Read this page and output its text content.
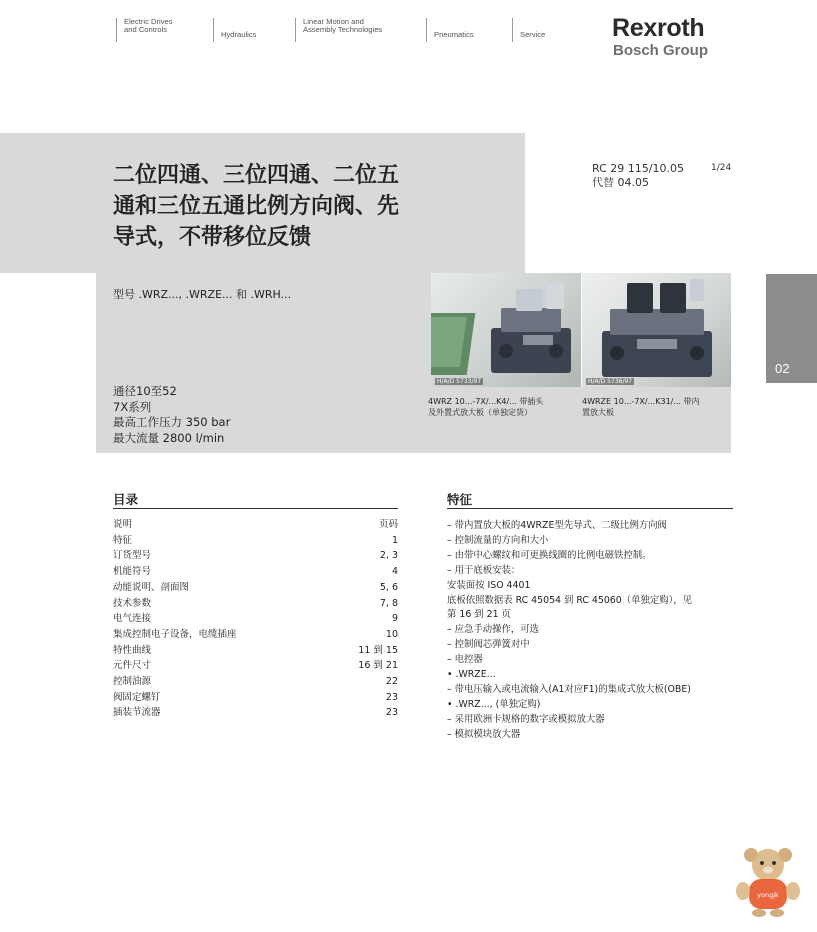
Electric Drives
and Controls
Hydraulics
Linear Motion and
Assembly Technologies
Pneumatics	Service	Rexroth
Bosch Group
二位四通、三位四通、二位五
通和三位五通比例方向阀、先
导式，不带移位反馈
型号 .WRZ..., .WRZE... 和 .WRH...
RC 29 115/10.05
代替 04.05
1/24
通径10至52
7X系列
最高工作压力 350 bar
最大流量 2800 l/min
H/A/D 5733/97	H/A/D 5736/97
4WRZ 10...-7X/...K4/... 带插头
及外置式放大板（单独定货）
4WRZE 10...-7X/...K31/... 带内
置放大板
02
目录
说明	页码
特征	1
订货型号	2, 3
机能符号	4
动能说明、剖面图	5, 6
技术参数	7, 8
电气连接	9
集成控制电子设备，电缆插座	10
特性曲线	11 到 15
元件尺寸	16 到 21
控制油源	22
阀固定螺钉	23
插装节流器	23
特征
– 带内置放大板的4WRZE型先导式、二级比例方向阀
– 控制流量的方向和大小
– 由带中心螺纹和可更换线圈的比例电磁铁控制。
– 用于底板安装：
安装面按 ISO 4401
底板依照数据表 RC 45054 到 RC 45060（单独定购），见
第 16 到 21 页
– 应急手动操作，可选
– 控制阀芯弹簧对中
– 电控器
• .WRZE...
– 带电压输入或电流输入(A1对应F1)的集成式放大板(OBE)
• .WRZ..., (单独定购)
– 采用欧洲卡规格的数字或模拟放大器
– 模拟模块放大器
yongjk
